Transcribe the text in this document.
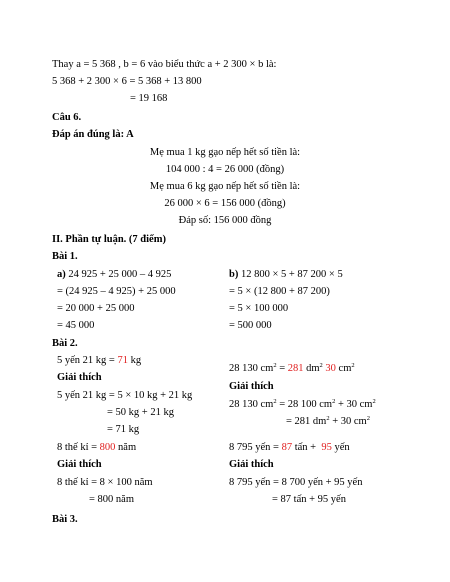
Thay a = 5 368 , b = 6 vào biểu thức a + 2 300 × b là:
5 368 + 2 300 × 6 = 5 368 + 13 800
= 19 168
Câu 6.
Đáp án đúng là: A
Mẹ mua 1 kg gạo nếp hết số tiền là:
104 000 : 4 = 26 000 (đồng)
Mẹ mua 6 kg gạo nếp hết số tiền là:
26 000 × 6 = 156 000 (đồng)
Đáp số: 156 000 đồng
II. Phần tự luận. (7 điểm)
Bài 1.
a) 24 925 + 25 000 – 4 925
= (24 925 – 4 925) + 25 000
= 20 000 + 25 000
= 45 000
b) 12 800 × 5 + 87 200 × 5
= 5 × (12 800 + 87 200)
= 5 × 100 000
= 500 000
Bài 2.
5 yến 21 kg = 71 kg
Giải thích
5 yến 21 kg = 5 × 10 kg + 21 kg
= 50 kg + 21 kg
= 71 kg
8 thế kỉ = 800 năm
Giải thích
8 thế kỉ = 8 × 100 năm
= 800 năm
28 130 $cm^2 = 281$ $dm^2$ 30 $cm^2$
Giải thích
28 130 $cm^2 = 28$ 100 $cm^2 + 30$ $cm^2$
= 281 $dm^2 + 30$ $cm^2$
8 795 yến = 87 tấn +  95 yến
Giải thích
8 795 yến = 8 700 yến + 95 yến
= 87 tấn + 95 yến
Bài 3.
